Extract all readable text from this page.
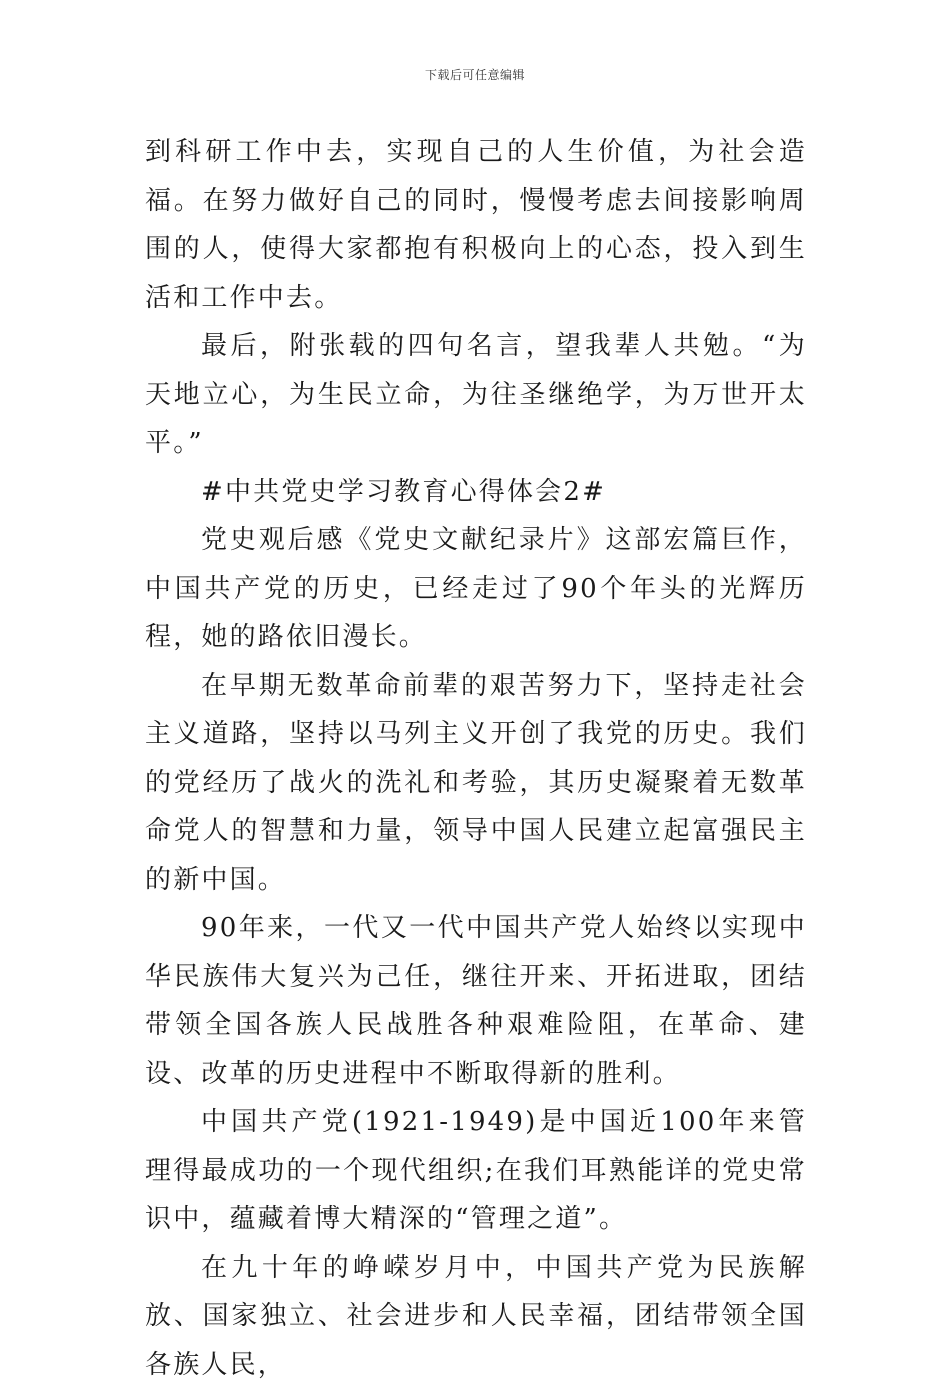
下载后可任意编辑

到科研工作中去，实现自己的人生价值，为社会造福。在努力做好自己的同时，慢慢考虑去间接影响周围的人，使得大家都抱有积极向上的心态，投入到生活和工作中去。

最后，附张载的四句名言，望我辈人共勉。“为天地立心，为生民立命，为往圣继绝学，为万世开太平。”

#中共党史学习教育心得体会2#

党史观后感《党史文献纪录片》这部宏篇巨作，中国共产党的历史，已经走过了90个年头的光辉历程，她的路依旧漫长。

在早期无数革命前辈的艰苦努力下，坚持走社会主义道路，坚持以马列主义开创了我党的历史。我们的党经历了战火的洗礼和考验，其历史凝聚着无数革命党人的智慧和力量，领导中国人民建立起富强民主的新中国。

90年来，一代又一代中国共产党人始终以实现中华民族伟大复兴为己任，继往开来、开拓进取，团结带领全国各族人民战胜各种艰难险阻，在革命、建设、改革的历史进程中不断取得新的胜利。

中国共产党(1921-1949)是中国近100年来管理得最成功的一个现代组织;在我们耳熟能详的党史常识中，蕴藏着博大精深的“管理之道”。

在九十年的峥嵘岁月中，中国共产党为民族解放、国家独立、社会进步和人民幸福，团结带领全国各族人民，
